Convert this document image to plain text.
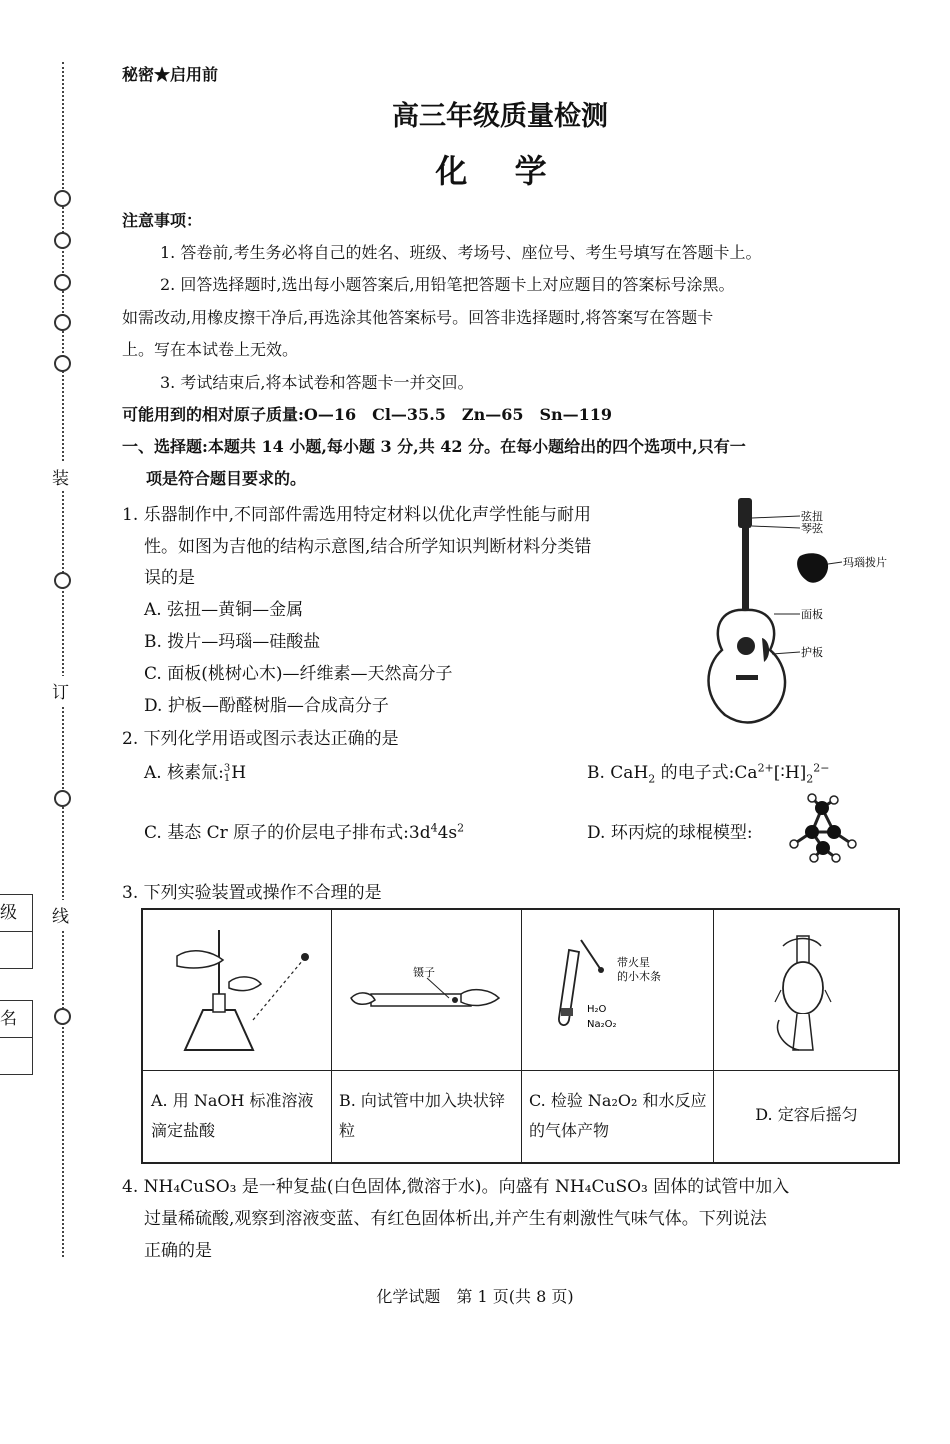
装
订
线
级
名
秘密★启用前
高三年级质量检测
化 学
注意事项：
1. 答卷前,考生务必将自己的姓名、班级、考场号、座位号、考生号填写在答题卡上。
2. 回答选择题时,选出每小题答案后,用铅笔把答题卡上对应题目的答案标号涂黑。
如需改动,用橡皮擦干净后,再选涂其他答案标号。回答非选择题时,将答案写在答题卡
上。写在本试卷上无效。
3. 考试结束后,将本试卷和答题卡一并交回。
可能用到的相对原子质量:O—16　Cl—35.5　Zn—65　Sn—119
一、选择题:本题共 14 小题,每小题 3 分,共 42 分。在每小题给出的四个选项中,只有一
项是符合题目要求的。
1. 乐器制作中,不同部件需选用特定材料以优化声学性能与耐用
性。如图为吉他的结构示意图,结合所学知识判断材料分类错
误的是
A. 弦扭—黄铜—金属
B. 拨片—玛瑙—硅酸盐
C. 面板(桃树心木)—纤维素—天然高分子
D. 护板—酚醛树脂—合成高分子
弦扭
琴弦
玛瑙拨片
面板
护板
2. 下列化学用语或图示表达正确的是
A. 核素氚:3
1H	B. CaH$_2$ 的电子式$:Ca^{2+}[∶H]_2^{2-}$
C. 基态 Cr 原子的价层电子排布式$:3d^44s^2$	D. 环丙烷的球棍模型:
3. 下列实验装置或操作不合理的是
A. 用 NaOH 标准溶液滴定盐酸
镊子
B. 向试管中加入块状锌粒
带火星
的小木条
H₂O
Na₂O₂
C. 检验 Na₂O₂ 和水反应的气体产物
D. 定容后摇匀
4. NH₄CuSO₃ 是一种复盐(白色固体,微溶于水)。向盛有 NH₄CuSO₃ 固体的试管中加入
过量稀硫酸,观察到溶液变蓝、有红色固体析出,并产生有刺激性气味气体。下列说法
正确的是
化学试题　第 1 页(共 8 页)
